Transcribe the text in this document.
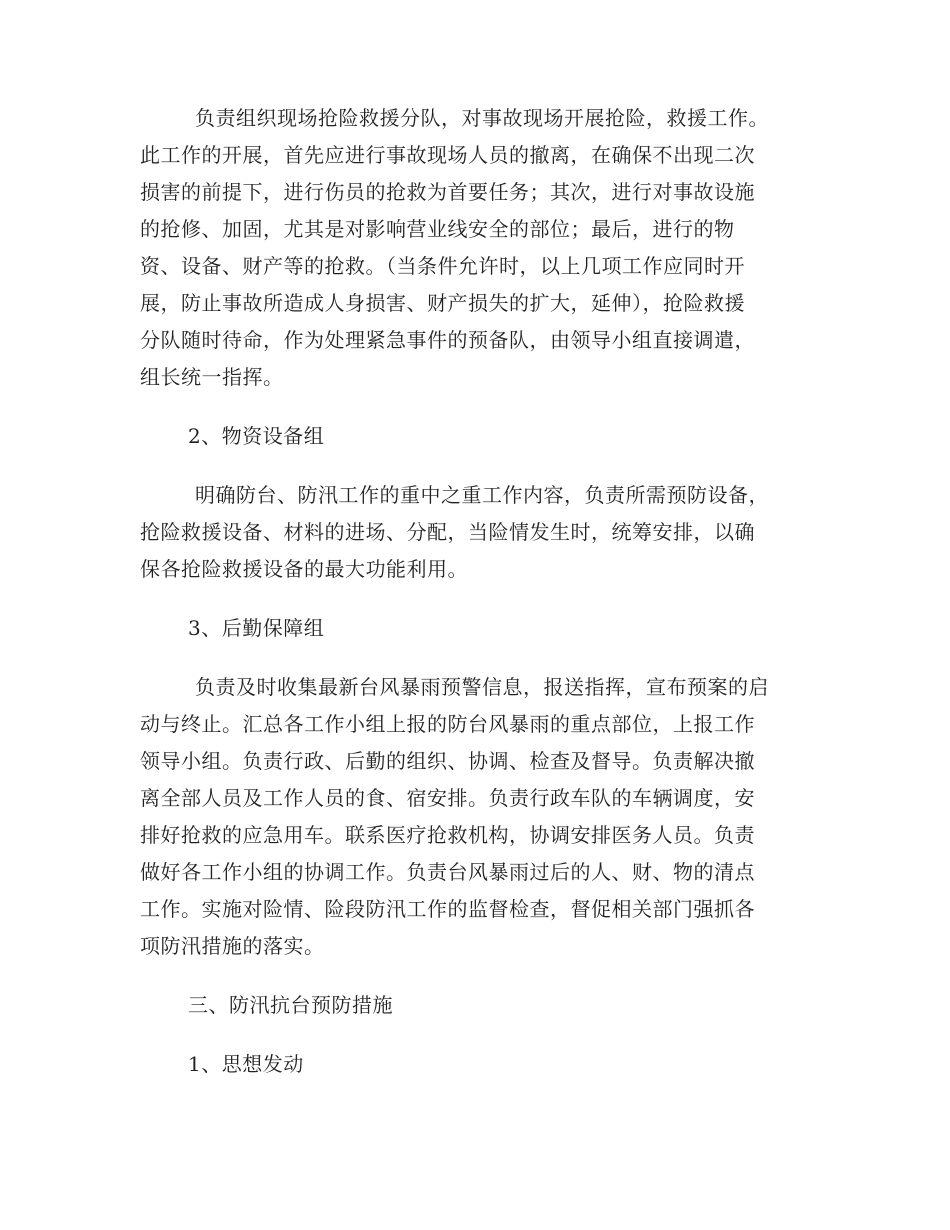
负责组织现场抢险救援分队，对事故现场开展抢险，救援工作。
此工作的开展，首先应进行事故现场人员的撤离，在确保不出现二次
损害的前提下，进行伤员的抢救为首要任务；其次，进行对事故设施
的抢修、加固，尤其是对影响营业线安全的部位；最后，进行的物
资、设备、财产等的抢救。（当条件允许时，以上几项工作应同时开
展，防止事故所造成人身损害、财产损失的扩大，延伸），抢险救援
分队随时待命，作为处理紧急事件的预备队，由领导小组直接调遣，
组长统一指挥。
2、物资设备组
明确防台、防汛工作的重中之重工作内容，负责所需预防设备，
抢险救援设备、材料的进场、分配，当险情发生时，统筹安排，以确
保各抢险救援设备的最大功能利用。
3、后勤保障组
负责及时收集最新台风暴雨预警信息，报送指挥，宣布预案的启
动与终止。汇总各工作小组上报的防台风暴雨的重点部位，上报工作
领导小组。负责行政、后勤的组织、协调、检查及督导。负责解决撤
离全部人员及工作人员的食、宿安排。负责行政车队的车辆调度，安
排好抢救的应急用车。联系医疗抢救机构，协调安排医务人员。负责
做好各工作小组的协调工作。负责台风暴雨过后的人、财、物的清点
工作。实施对险情、险段防汛工作的监督检查，督促相关部门强抓各
项防汛措施的落实。
三、防汛抗台预防措施
1、思想发动
